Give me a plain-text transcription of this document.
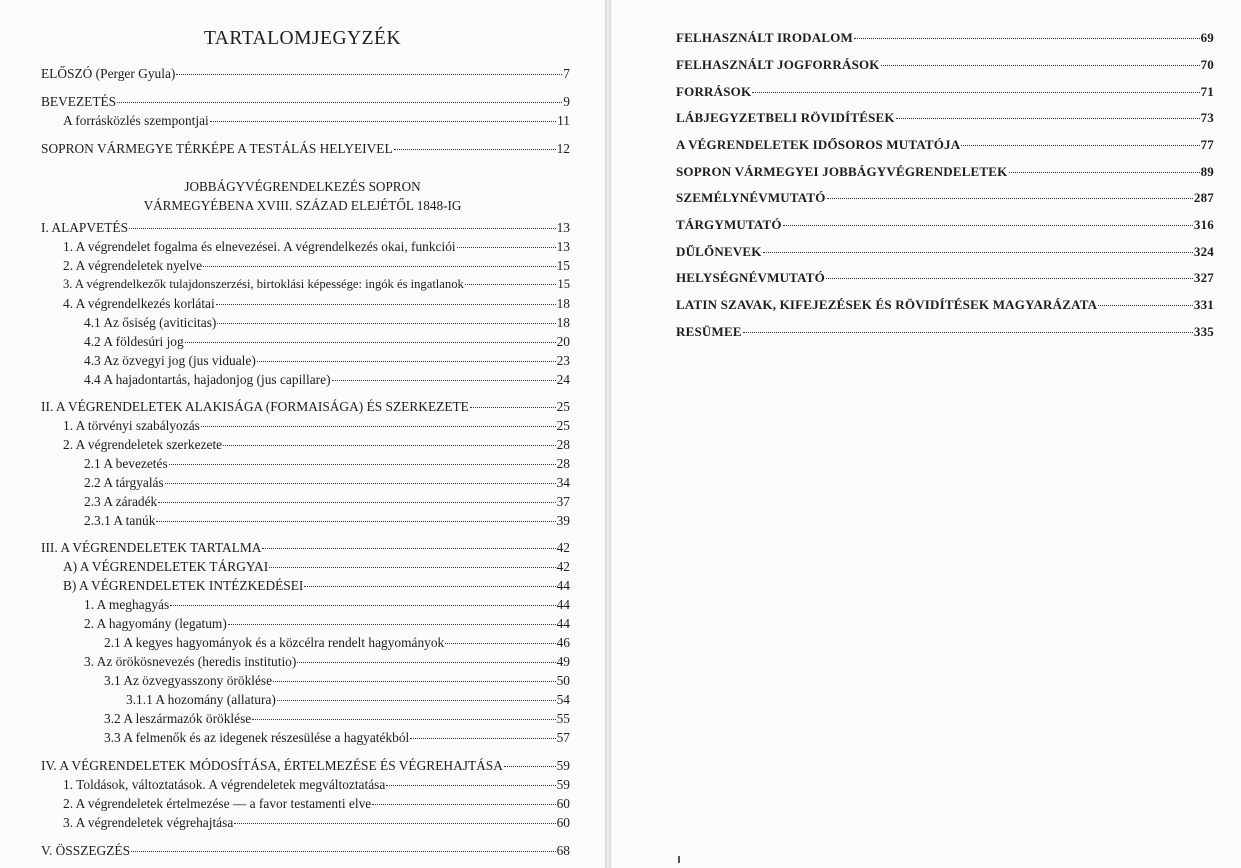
TARTALOMJEGYZÉK
ELŐSZÓ (Perger Gyula)	7
BEVEZETÉS	9
A forrásközlés szempontjai	11
SOPRON VÁRMEGYE TÉRKÉPE A TESTÁLÁS HELYEIVEL	12
JOBBÁGYVÉGRENDELKEZÉS SOPRON
VÁRMEGYÉBENA XVIII. SZÁZAD ELEJÉTŐL 1848-IG
I. ALAPVETÉS	13
1. A végrendelet fogalma és elnevezései. A végrendelkezés okai, funkciói	13
2. A végrendeletek nyelve	15
3. A végrendelkezők tulajdonszerzési, birtoklási képessége: ingók és ingatlanok	15
4. A végrendelkezés korlátai	18
4.1 Az ősiség (aviticitas)	18
4.2 A földesúri jog	20
4.3 Az özvegyi jog (jus viduale)	23
4.4 A hajadontartás, hajadonjog (jus capillare)	24
II. A VÉGRENDELETEK ALAKISÁGA (FORMAISÁGA) ÉS SZERKEZETE	25
1. A törvényi szabályozás	25
2. A végrendeletek szerkezete	28
2.1 A bevezetés	28
2.2 A tárgyalás	34
2.3 A záradék	37
2.3.1 A tanúk	39
III. A VÉGRENDELETEK TARTALMA	42
A) A VÉGRENDELETEK TÁRGYAI	42
B) A VÉGRENDELETEK INTÉZKEDÉSEI	44
1. A meghagyás	44
2. A hagyomány (legatum)	44
2.1 A kegyes hagyományok és a közcélra rendelt hagyományok	46
3. Az örökösnevezés (heredis institutio)	49
3.1 Az özvegyasszony öröklése	50
3.1.1 A hozomány (allatura)	54
3.2 A leszármazók öröklése	55
3.3 A felmenők és az idegenek részesülése a hagyatékból	57
IV. A VÉGRENDELETEK MÓDOSÍTÁSA, ÉRTELMEZÉSE ÉS VÉGREHAJTÁSA	59
1. Toldások, változtatások. A végrendeletek megváltoztatása	59
2. A végrendeletek értelmezése — a favor testamenti elve	60
3. A végrendeletek végrehajtása	60
V. ÖSSZEGZÉS	68
FELHASZNÁLT IRODALOM	69
FELHASZNÁLT JOGFORRÁSOK	70
FORRÁSOK	71
LÁBJEGYZETBELI RÖVIDÍTÉSEK	73
A VÉGRENDELETEK IDŐSOROS MUTATÓJA	77
SOPRON VÁRMEGYEI JOBBÁGYVÉGRENDELETEK	89
SZEMÉLYNÉVMUTATÓ	287
TÁRGYMUTATÓ	316
DŰLŐNEVEK	324
HELYSÉGNÉVMUTATÓ	327
LATIN SZAVAK, KIFEJEZÉSEK ÉS RÖVIDÍTÉSEK MAGYARÁZATA	331
RESÜMEE	335
